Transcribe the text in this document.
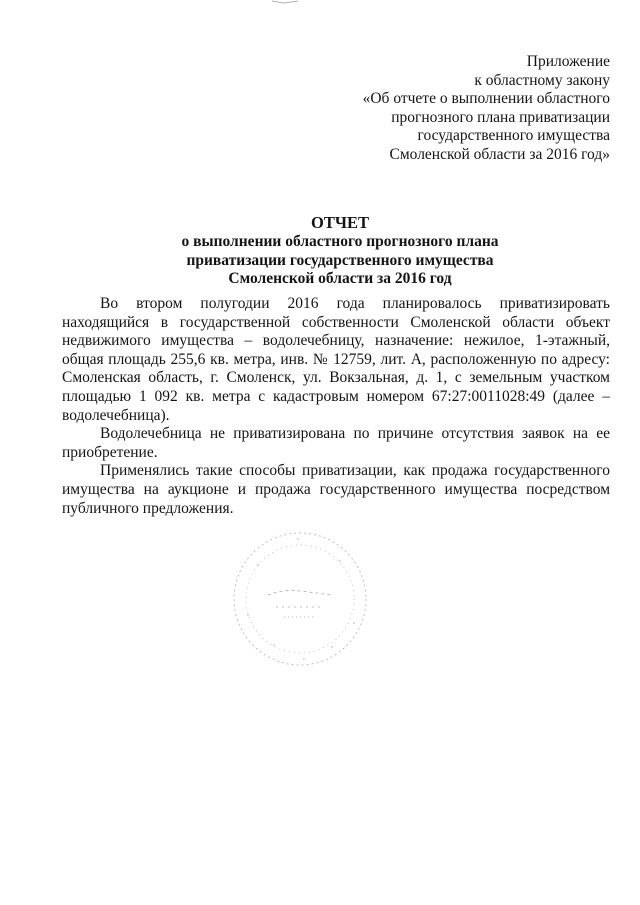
Приложение
к областному закону
«Об отчете о выполнении областного
прогнозного плана приватизации
государственного имущества
Смоленской области за 2016 год»
ОТЧЕТ
о выполнении областного прогнозного плана
приватизации государственного имущества
Смоленской области за 2016 год

Во втором полугодии 2016 года планировалось приватизировать находящийся в государственной собственности Смоленской области объект недвижимого имущества – водолечебницу, назначение: нежилое, 1-этажный, общая площадь 255,6 кв. метра, инв. № 12759, лит. А, расположенную по адресу: Смоленская область, г. Смоленск, ул. Вокзальная, д. 1, с земельным участком площадью 1 092 кв. метра с кадастровым номером 67:27:0011028:49 (далее – водолечебница).

Водолечебница не приватизирована по причине отсутствия заявок на ее приобретение.

Применялись такие способы приватизации, как продажа государственного имущества на аукционе и продажа государственного имущества посредством публичного предложения.
